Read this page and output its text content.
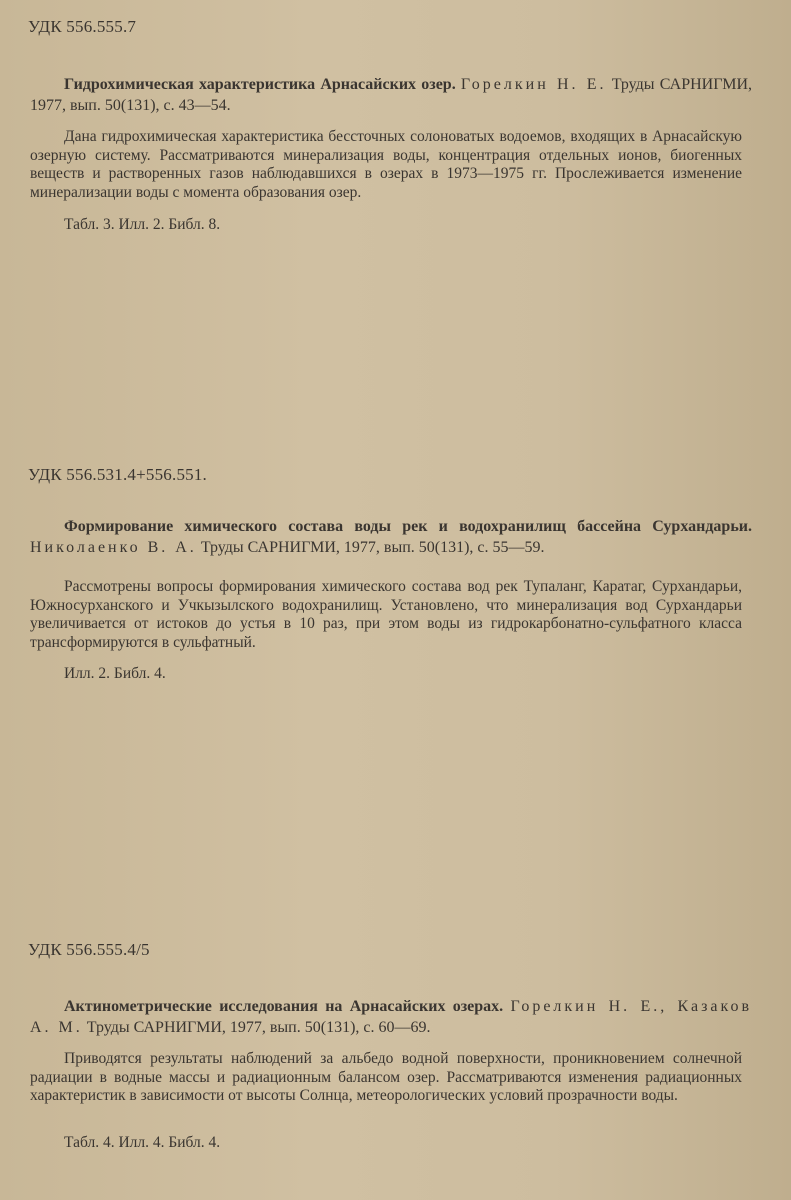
УДК 556.555.7
Гидрохимическая характеристика Арнасайских озер. Горелкин Н. Е. Труды САРНИГМИ, 1977, вып. 50(131), с. 43—54.
Дана гидрохимическая характеристика бессточных солоноватых водоемов, входящих в Арнасайскую озерную систему. Рассматриваются минерализация воды, концентрация отдельных ионов, биогенных веществ и растворенных газов наблюдавшихся в озерах в 1973—1975 гг. Прослеживается изменение минерализации воды с момента образования озер.
Табл. 3. Илл. 2. Библ. 8.
УДК 556.531.4+556.551.
Формирование химического состава воды рек и водохранилищ бассейна Сурхандарьи. Николаенко В. А. Труды САРНИГМИ, 1977, вып. 50(131), с. 55—59.
Рассмотрены вопросы формирования химического состава вод рек Тупаланг, Каратаг, Сурхандарьи, Южносурханского и Учкызылского водохранилищ. Установлено, что минерализация вод Сурхандарьи увеличивается от истоков до устья в 10 раз, при этом воды из гидрокарбонатно-сульфатного класса трансформируются в сульфатный.
Илл. 2. Библ. 4.
УДК 556.555.4/5
Актинометрические исследования на Арнасайских озерах. Горелкин Н. Е., Казаков А. М. Труды САРНИГМИ, 1977, вып. 50(131), с. 60—69.
Приводятся результаты наблюдений за альбедо водной поверхности, проникновением солнечной радиации в водные массы и радиационным балансом озер. Рассматриваются изменения радиационных характеристик в зависимости от высоты Солнца, метеорологических условий прозрачности воды.
Табл. 4. Илл. 4. Библ. 4.
